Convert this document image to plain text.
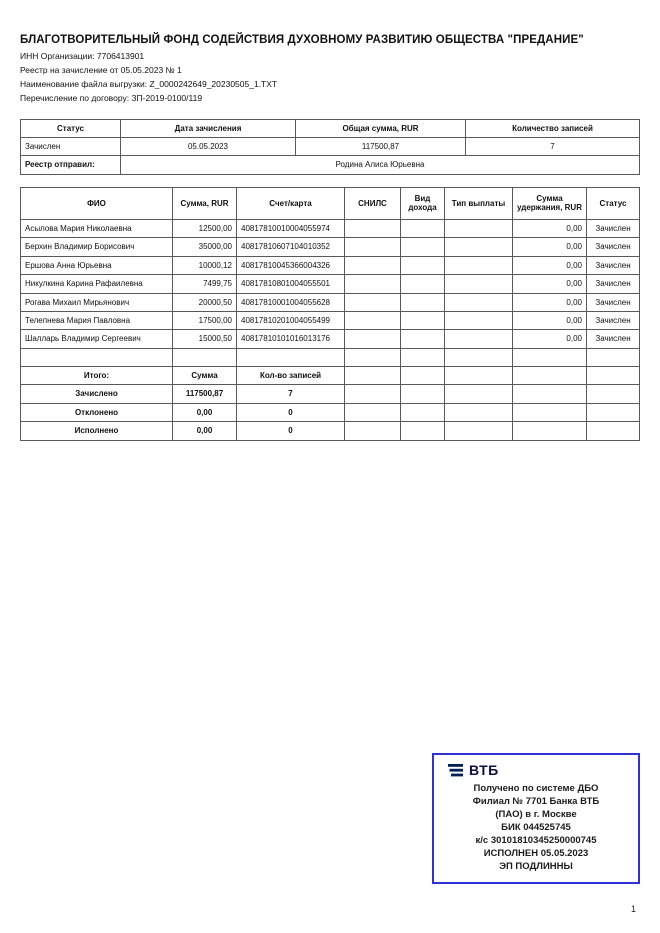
БЛАГОТВОРИТЕЛЬНЫЙ ФОНД СОДЕЙСТВИЯ ДУХОВНОМУ РАЗВИТИЮ ОБЩЕСТВА "ПРЕДАНИЕ"
ИНН Организации: 7706413901
Реестр на зачисление от 05.05.2023 № 1
Наименование файла выгрузки: Z_0000242649_20230505_1.TXT
Перечисление по договору: ЗП-2019-0100/119
Статус	Дата зачисления	Общая сумма, RUR	Количество записей
Зачислен	05.05.2023	117500,87	7
Реестр отправил:	Родина Алиса Юрьевна		
ФИО	Сумма, RUR	Счет/карта	СНИЛС	Вид дохода	Тип выплаты	Сумма удержания, RUR	Статус
Асылова Мария Николаевна	12500,00	40817810010004055974				0,00	Зачислен
Берхин Владимир Борисович	35000,00	40817810607104010352				0,00	Зачислен
Ершова Анна Юрьевна	10000,12	40817810045366004326				0,00	Зачислен
Никулкина Карина Рафаилевна	7499,75	40817810801004055501				0,00	Зачислен
Рогава Михаил Мирьянович	20000,50	40817810001004055628				0,00	Зачислен
Телепнева Мария Павловна	17500,00	40817810201004055499				0,00	Зачислен
Шалларь Владимир Сергеевич	15000,50	40817810101016013176				0,00	Зачислен

Итого:	Сумма	Кол-во записей					
Зачислено	117500,87	7					
Отклонено	0,00	0					
Исполнено	0,00	0					
ВТБ
Получено по системе ДБО
Филиал № 7701 Банка ВТБ
(ПАО) в г. Москве
БИК 044525745
к/с 30101810345250000745
ИСПОЛНЕН 05.05.2023
ЭП ПОДЛИННЫ
1
